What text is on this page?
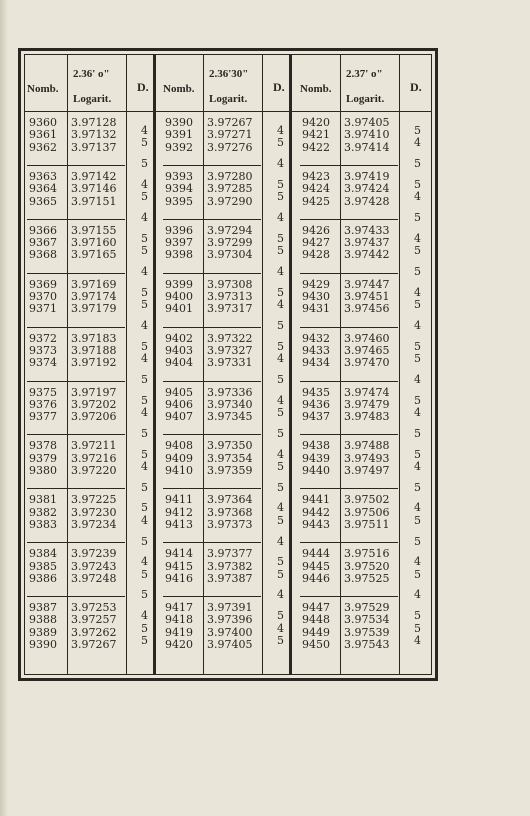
Nomb.
2.36' o"
Logarit.
D.
9360 3.97128
9361 3.97132
9362 3.97137
9363 3.97142
9364 3.97146
9365 3.97151
9366 3.97155
9367 3.97160
9368 3.97165
9369 3.97169
9370 3.97174
9371 3.97179
9372 3.97183
9373 3.97188
9374 3.97192
9375 3.97197
9376 3.97202
9377 3.97206
9378 3.97211
9379 3.97216
9380 3.97220
9381 3.97225
9382 3.97230
9383 3.97234
9384 3.97239
9385 3.97243
9386 3.97248
9387 3.97253
9388 3.97257
9389 3.97262
9390 3.97267
4
5
5
4
5
4
5
5
4
5
5
4
5
4
5
5
4
5
5
4
5
5
4
5
4
5
5
4
5
5
Nomb.
2.36'30"
Logarit.
D.
9390 3.97267
9391 3.97271
9392 3.97276
9393 3.97280
9394 3.97285
9395 3.97290
9396 3.97294
9397 3.97299
9398 3.97304
9399 3.97308
9400 3.97313
9401 3.97317
9402 3.97322
9403 3.97327
9404 3.97331
9405 3.97336
9406 3.97340
9407 3.97345
9408 3.97350
9409 3.97354
9410 3.97359
9411 3.97364
9412 3.97368
9413 3.97373
9414 3.97377
9415 3.97382
9416 3.97387
9417 3.97391
9418 3.97396
9419 3.97400
9420 3.97405
4
5
4
5
5
4
5
5
4
5
4
5
5
4
5
4
5
5
4
5
5
4
5
4
5
5
4
5
4
5
Nomb.
2.37' o"
Logarit.
D.
9420 3.97405
9421 3.97410
9422 3.97414
9423 3.97419
9424 3.97424
9425 3.97428
9426 3.97433
9427 3.97437
9428 3.97442
9429 3.97447
9430 3.97451
9431 3.97456
9432 3.97460
9433 3.97465
9434 3.97470
9435 3.97474
9436 3.97479
9437 3.97483
9438 3.97488
9439 3.97493
9440 3.97497
9441 3.97502
9442 3.97506
9443 3.97511
9444 3.97516
9445 3.97520
9446 3.97525
9447 3.97529
9448 3.97534
9449 3.97539
9450 3.97543
5
4
5
5
4
5
4
5
5
4
5
4
5
5
4
5
4
5
5
4
5
4
5
5
4
5
4
5
5
4
